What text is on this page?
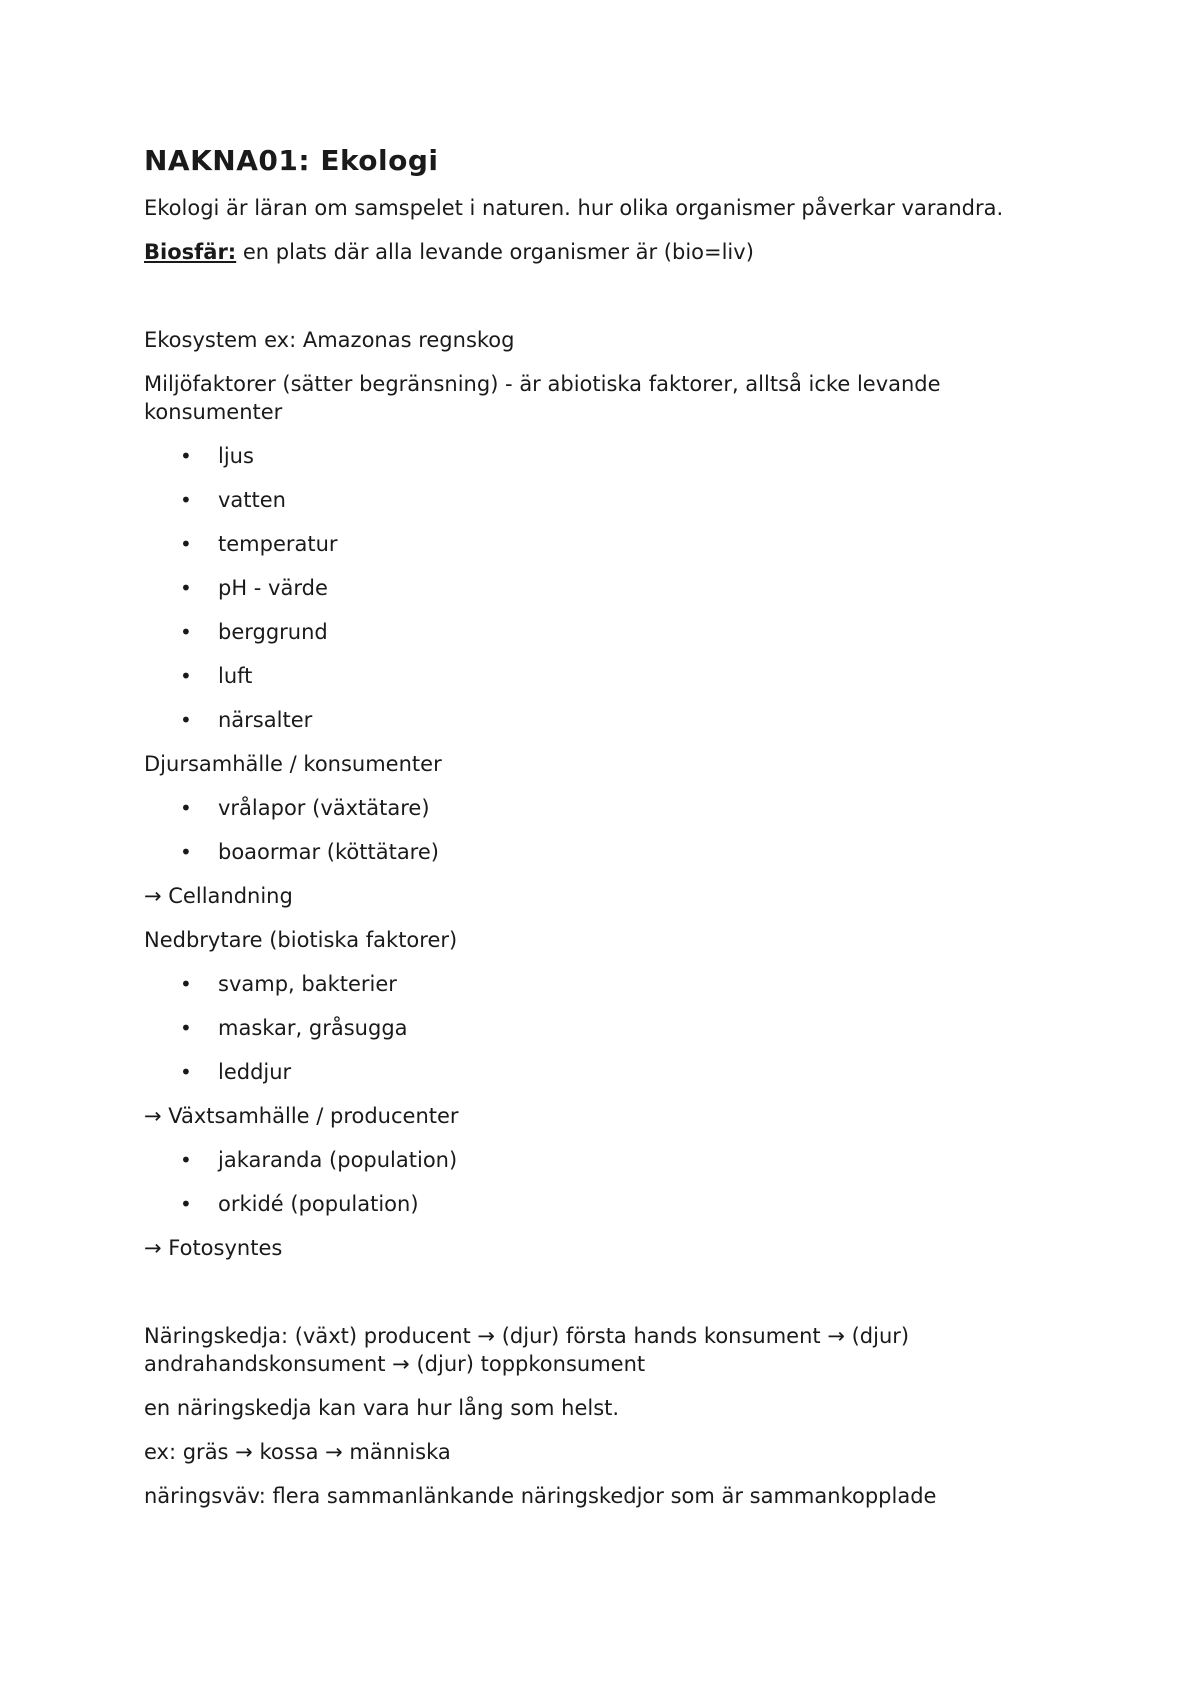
NAKNA01: Ekologi
Ekologi är läran om samspelet i naturen. hur olika organismer påverkar varandra.
Biosfär: en plats där alla levande organismer är (bio=liv)
Ekosystem ex: Amazonas regnskog
Miljöfaktorer (sätter begränsning) - är abiotiska faktorer, alltså icke levande konsumenter
• ljus
• vatten
• temperatur
• pH - värde
• berggrund
• luft
• närsalter
Djursamhälle / konsumenter
• vrålapor (växtätare)
• boaormar (köttätare)
→ Cellandning
Nedbrytare (biotiska faktorer)
• svamp, bakterier
• maskar, gråsugga
• leddjur
→ Växtsamhälle / producenter
• jakaranda (population)
• orkidé (population)
→ Fotosyntes
Näringskedja: (växt) producent → (djur) första hands konsument → (djur) andrahandskonsument → (djur) toppkonsument
en näringskedja kan vara hur lång som helst.
ex: gräs → kossa → människa
näringsväv: flera sammanlänkande näringskedjor som är sammankopplade
